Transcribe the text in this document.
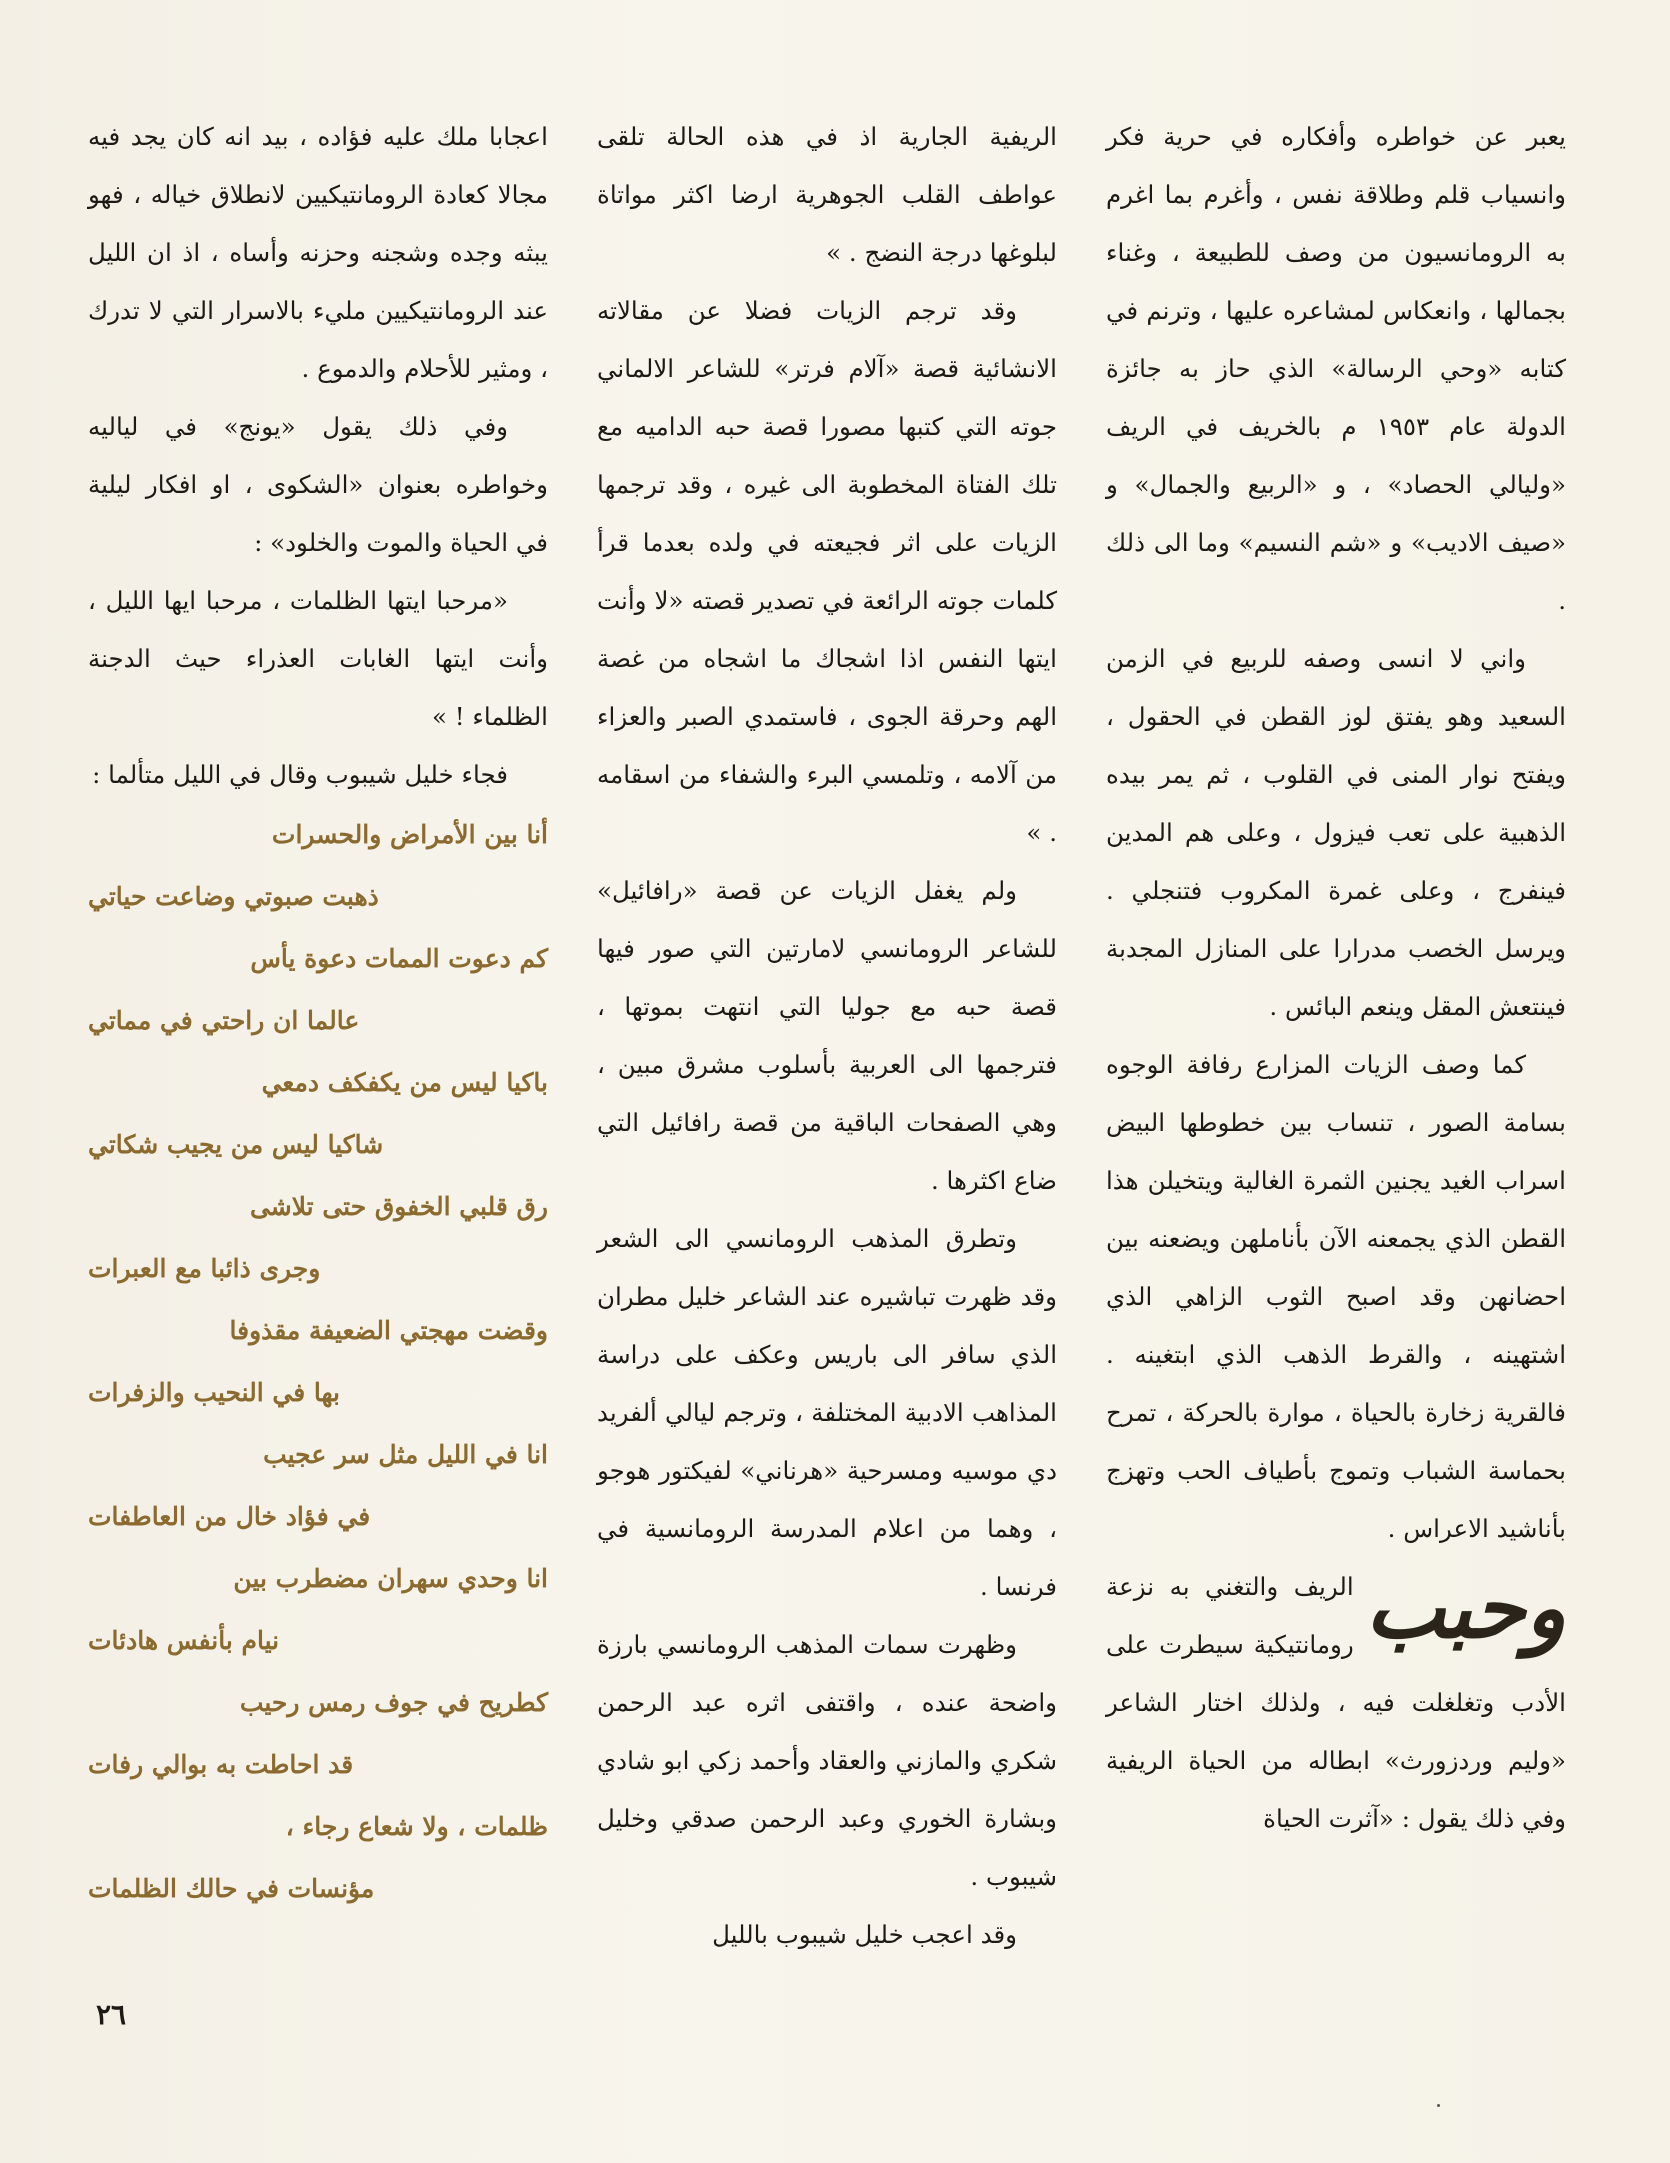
يعبر عن خواطره وأفكاره في حرية فكر وانسياب قلم وطلاقة نفس ، وأغرم بما اغرم به الرومانسيون من وصف للطبيعة ، وغناء بجمالها ، وانعكاس لمشاعره عليها ، وترنم في كتابه «وحي الرسالة» الذي حاز به جائزة الدولة عام ١٩٥٣ م بالخريف في الريف «وليالي الحصاد» ، و «الربيع والجمال» و «صيف الاديب» و «شم النسيم» وما الى ذلك .

واني لا انسى وصفه للربيع في الزمن السعيد وهو يفتق لوز القطن في الحقول ، ويفتح نوار المنى في القلوب ، ثم يمر بيده الذهبية على تعب فيزول ، وعلى هم المدين فينفرج ، وعلى غمرة المكروب فتنجلي . ويرسل الخصب مدرارا على المنازل المجدبة فينتعش المقل وينعم البائس .

كما وصف الزيات المزارع رفافة الوجوه بسامة الصور ، تنساب بين خطوطها البيض اسراب الغيد يجنين الثمرة الغالية ويتخيلن هذا القطن الذي يجمعنه الآن بأناملهن ويضعنه بين احضانهن وقد اصبح الثوب الزاهي الذي اشتهينه ، والقرط الذهب الذي ابتغينه . فالقرية زخارة بالحياة ، موارة بالحركة ، تمرح بحماسة الشباب وتموج بأطياف الحب وتهزج بأناشيد الاعراس .

وحبب
الريف والتغني به نزعة رومانتيكية سيطرت على الأدب وتغلغلت فيه ، ولذلك اختار الشاعر «وليم وردزورث» ابطاله من الحياة الريفية وفي ذلك يقول : «آثرت الحياة

الريفية الجارية اذ في هذه الحالة تلقى عواطف القلب الجوهرية ارضا اكثر مواتاة لبلوغها درجة النضج . »

وقد ترجم الزيات فضلا عن مقالاته الانشائية قصة «آلام فرتر» للشاعر الالماني جوته التي كتبها مصورا قصة حبه الداميه مع تلك الفتاة المخطوبة الى غيره ، وقد ترجمها الزيات على اثر فجيعته في ولده بعدما قرأ كلمات جوته الرائعة في تصدير قصته «لا وأنت ايتها النفس اذا اشجاك ما اشجاه من غصة الهم وحرقة الجوى ، فاستمدي الصبر والعزاء من آلامه ، وتلمسي البرء والشفاء من اسقامه . »

ولم يغفل الزيات عن قصة «رافائيل» للشاعر الرومانسي لامارتين التي صور فيها قصة حبه مع جوليا التي انتهت بموتها ، فترجمها الى العربية بأسلوب مشرق مبين ، وهي الصفحات الباقية من قصة رافائيل التي ضاع اكثرها .

وتطرق المذهب الرومانسي الى الشعر وقد ظهرت تباشيره عند الشاعر خليل مطران الذي سافر الى باريس وعكف على دراسة المذاهب الادبية المختلفة ، وترجم ليالي ألفريد دي موسيه ومسرحية «هرناني» لفيكتور هوجو ، وهما من اعلام المدرسة الرومانسية في فرنسا .

وظهرت سمات المذهب الرومانسي بارزة واضحة عنده ، واقتفى اثره عبد الرحمن شكري والمازني والعقاد وأحمد زكي ابو شادي وبشارة الخوري وعبد الرحمن صدقي وخليل شيبوب .

وقد اعجب خليل شيبوب بالليل

اعجابا ملك عليه فؤاده ، بيد انه كان يجد فيه مجالا كعادة الرومانتيكيين لانطلاق خياله ، فهو يبثه وجده وشجنه وحزنه وأساه ، اذ ان الليل عند الرومانتيكيين مليء بالاسرار التي لا تدرك ، ومثير للأحلام والدموع .

وفي ذلك يقول «يونج» في لياليه وخواطره بعنوان «الشكوى ، او افكار ليلية في الحياة والموت والخلود» :

«مرحبا ايتها الظلمات ، مرحبا ايها الليل ، وأنت ايتها الغابات العذراء حيث الدجنة الظلماء ! »

فجاء خليل شيبوب وقال في الليل متألما :

أنا بين الأمراض والحسرات

ذهبت صبوتي وضاعت حياتي

كم دعوت الممات دعوة يأس

عالما ان راحتي في مماتي

باكيا ليس من يكفكف دمعي

شاكيا ليس من يجيب شكاتي

رق قلبي الخفوق حتى تلاشى

وجرى ذائبا مع العبرات

وقضت مهجتي الضعيفة مقذوفا

بها في النحيب والزفرات

انا في الليل مثل سر عجيب

في فؤاد خال من العاطفات

انا وحدي سهران مضطرب بين

نيام بأنفس هادئات

كطريح في جوف رمس رحيب

قد احاطت به بوالي رفات

ظلمات ، ولا شعاع رجاء ،

مؤنسات في حالك الظلمات

٢٦
